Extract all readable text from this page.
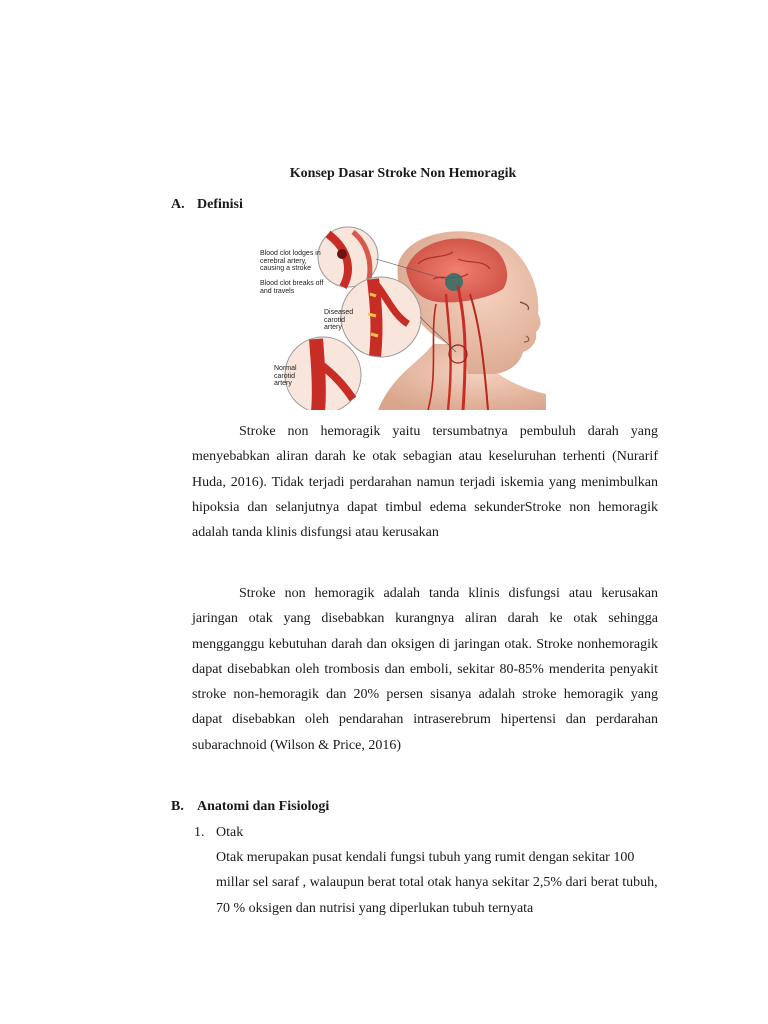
Konsep Dasar Stroke Non Hemoragik
A. Definisi
Blood clot lodges in cerebral artery, causing a stroke
Blood clot breaks off and travels
Diseased carotid artery
Normal carotid artery

Stroke non hemoragik yaitu tersumbatnya pembuluh darah yang menyebabkan aliran darah ke otak sebagian atau keseluruhan terhenti (Nurarif Huda, 2016). Tidak terjadi perdarahan namun terjadi iskemia yang menimbulkan hipoksia dan selanjutnya dapat timbul edema sekunderStroke non hemoragik adalah tanda klinis disfungsi atau kerusakan

Stroke non hemoragik adalah tanda klinis disfungsi atau kerusakan jaringan otak yang disebabkan kurangnya aliran darah ke otak sehingga mengganggu kebutuhan darah dan oksigen di jaringan otak. Stroke nonhemoragik dapat disebabkan oleh trombosis dan emboli, sekitar 80-85% menderita penyakit stroke non-hemoragik dan 20% persen sisanya adalah stroke hemoragik yang dapat disebabkan oleh pendarahan intraserebrum hipertensi dan perdarahan subarachnoid (Wilson & Price, 2016)

B. Anatomi dan Fisiologi
1. Otak

Otak merupakan pusat kendali fungsi tubuh yang rumit dengan sekitar 100 millar sel saraf , walaupun berat total otak hanya sekitar 2,5% dari berat tubuh, 70 % oksigen dan nutrisi yang diperlukan tubuh ternyata
